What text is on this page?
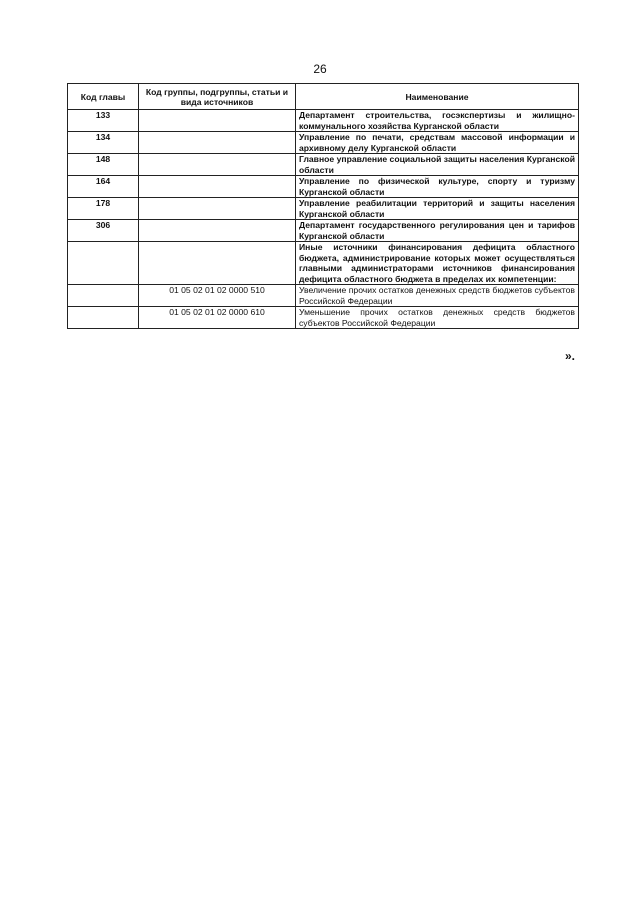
26
Код главы	Код группы, подгруппы, статьи и вида источников	Наименование
133		Департамент строительства, госэкспертизы и жилищно-коммунального хозяйства Курганской области
134		Управление по печати, средствам массовой информации и архивному делу Курганской области
148		Главное управление социальной защиты населения Курганской области
164		Управление по физической культуре, спорту и туризму Курганской области
178		Управление реабилитации территорий и защиты населения Курганской области
306		Департамент государственного регулирования цен и тарифов Курганской области
		Иные источники финансирования дефицита областного бюджета, администрирование которых может осуществляться главными администраторами источников финансирования дефицита областного бюджета в пределах их компетенции:
	01 05 02 01 02 0000 510	Увеличение прочих остатков денежных средств бюджетов субъектов Российской Федерации
	01 05 02 01 02 0000 610	Уменьшение прочих остатков денежных средств бюджетов субъектов Российской Федерации
».
